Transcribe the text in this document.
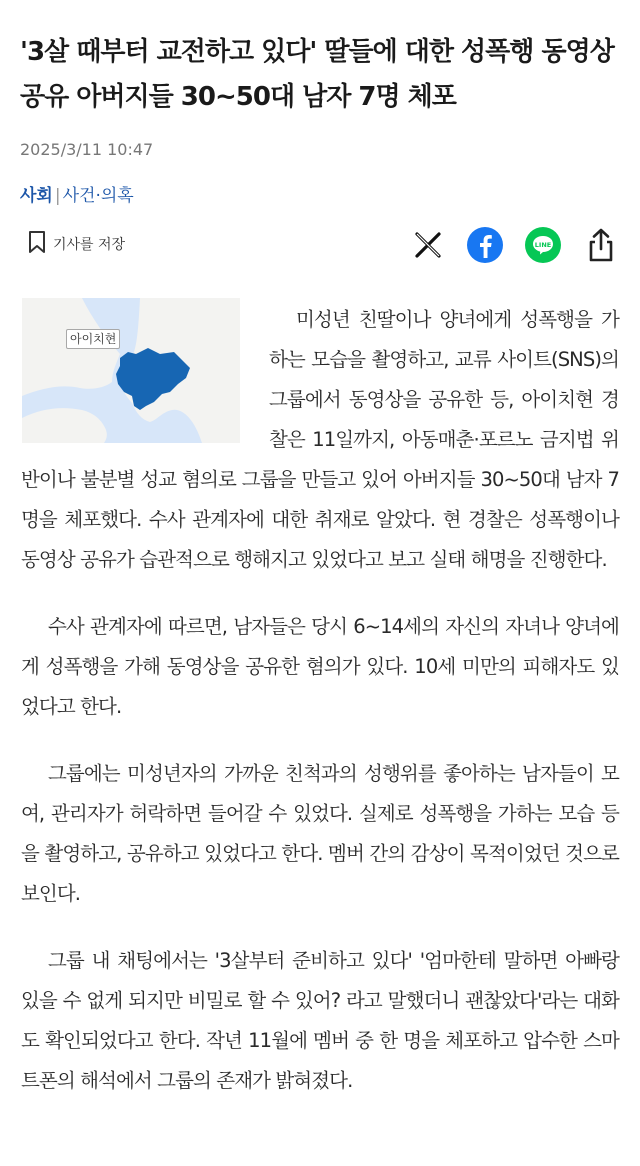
'3살 때부터 교전하고 있다' 딸들에 대한 성폭행 동영상 공유 아버지들 30~50대 남자 7명 체포
2025/3/11 10:47
사회 | 사건·의혹
기사를 저장	LINE
아이치현

미성년 친딸이나 양녀에게 성폭행을 가하는 모습을 촬영하고, 교류 사이트(SNS)의 그룹에서 동영상을 공유한 등, 아이치현 경찰은 11일까지, 아동매춘·포르노 금지법 위반이나 불분별 성교 혐의로 그룹을 만들고 있어 아버지들 30~50대 남자 7명을 체포했다. 수사 관계자에 대한 취재로 알았다. 현 경찰은 성폭행이나 동영상 공유가 습관적으로 행해지고 있었다고 보고 실태 해명을 진행한다.

수사 관계자에 따르면, 남자들은 당시 6~14세의 자신의 자녀나 양녀에게 성폭행을 가해 동영상을 공유한 혐의가 있다. 10세 미만의 피해자도 있었다고 한다.

그룹에는 미성년자의 가까운 친척과의 성행위를 좋아하는 남자들이 모여, 관리자가 허락하면 들어갈 수 있었다. 실제로 성폭행을 가하는 모습 등을 촬영하고, 공유하고 있었다고 한다. 멤버 간의 감상이 목적이었던 것으로 보인다.

그룹 내 채팅에서는 '3살부터 준비하고 있다' '엄마한테 말하면 아빠랑 있을 수 없게 되지만 비밀로 할 수 있어? 라고 말했더니 괜찮았다'라는 대화도 확인되었다고 한다. 작년 11월에 멤버 중 한 명을 체포하고 압수한 스마트폰의 해석에서 그룹의 존재가 밝혀졌다.
